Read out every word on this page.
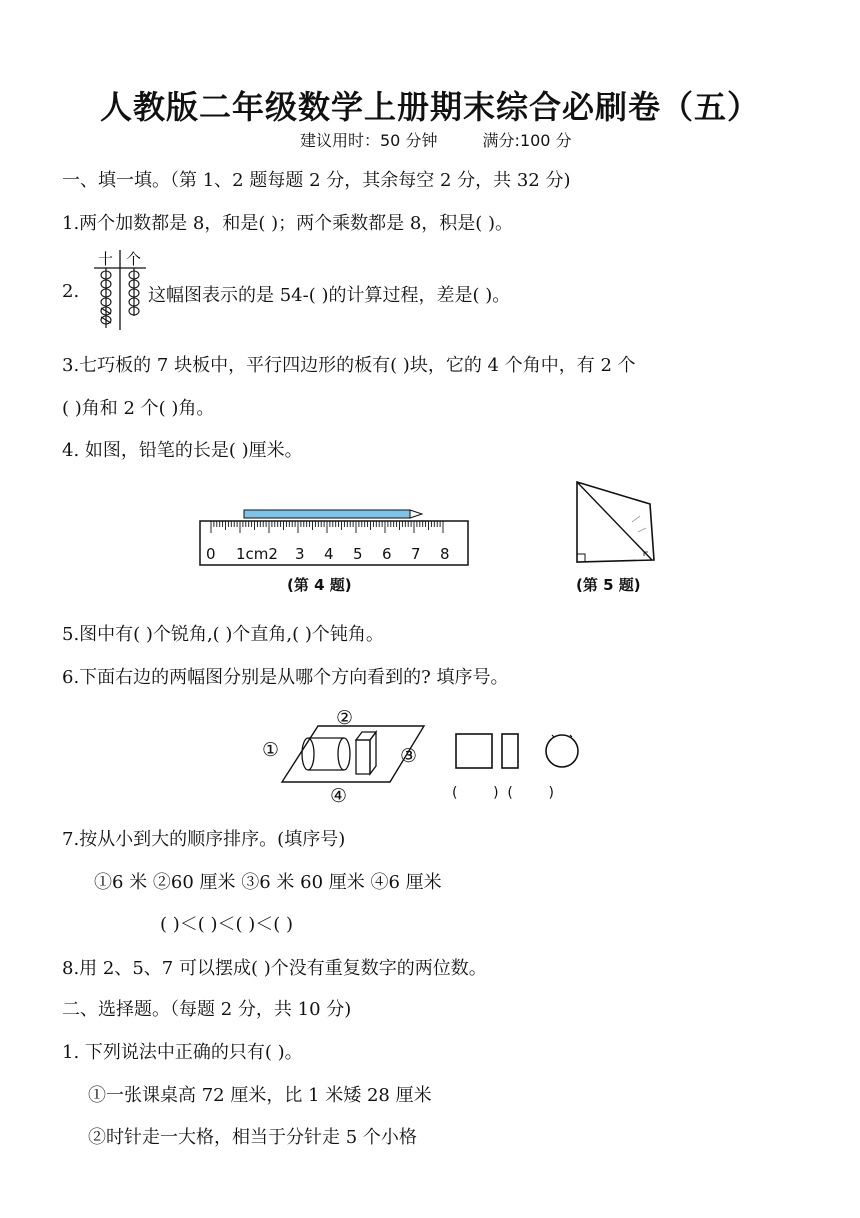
人教版二年级数学上册期末综合必刷卷（五）
建议用时：50 分钟	满分:100 分
一、填一填。（第 1、2 题每题 2 分，其余每空 2 分，共 32 分)
1.两个加数都是 8，和是( )；两个乘数都是 8，积是( )。
2.
十 个
这幅图表示的是 54-( )的计算过程，差是( )。
3.七巧板的 7 块板中，平行四边形的板有( )块，它的 4 个角中，有 2 个
( )角和 2 个( )角。
4. 如图，铅笔的长是( )厘米。
0 1cm2 3 4 5 6 7 8
(第 4 题)	(第 5 题)
5.图中有( )个锐角,( )个直角,( )个钝角。
6.下面右边的两幅图分别是从哪个方向看到的? 填序号。
①
②
③
④	(        )  (        )
7.按从小到大的顺序排序。(填序号)
①6 米 ②60 厘米 ③6 米 60 厘米 ④6 厘米
( )＜( )＜( )＜( )
8.用 2、5、7 可以摆成( )个没有重复数字的两位数。
二、选择题。（每题 2 分，共 10 分)
1. 下列说法中正确的只有( )。
①一张课桌高 72 厘米，比 1 米矮 28 厘米
②时针走一大格，相当于分针走 5 个小格
